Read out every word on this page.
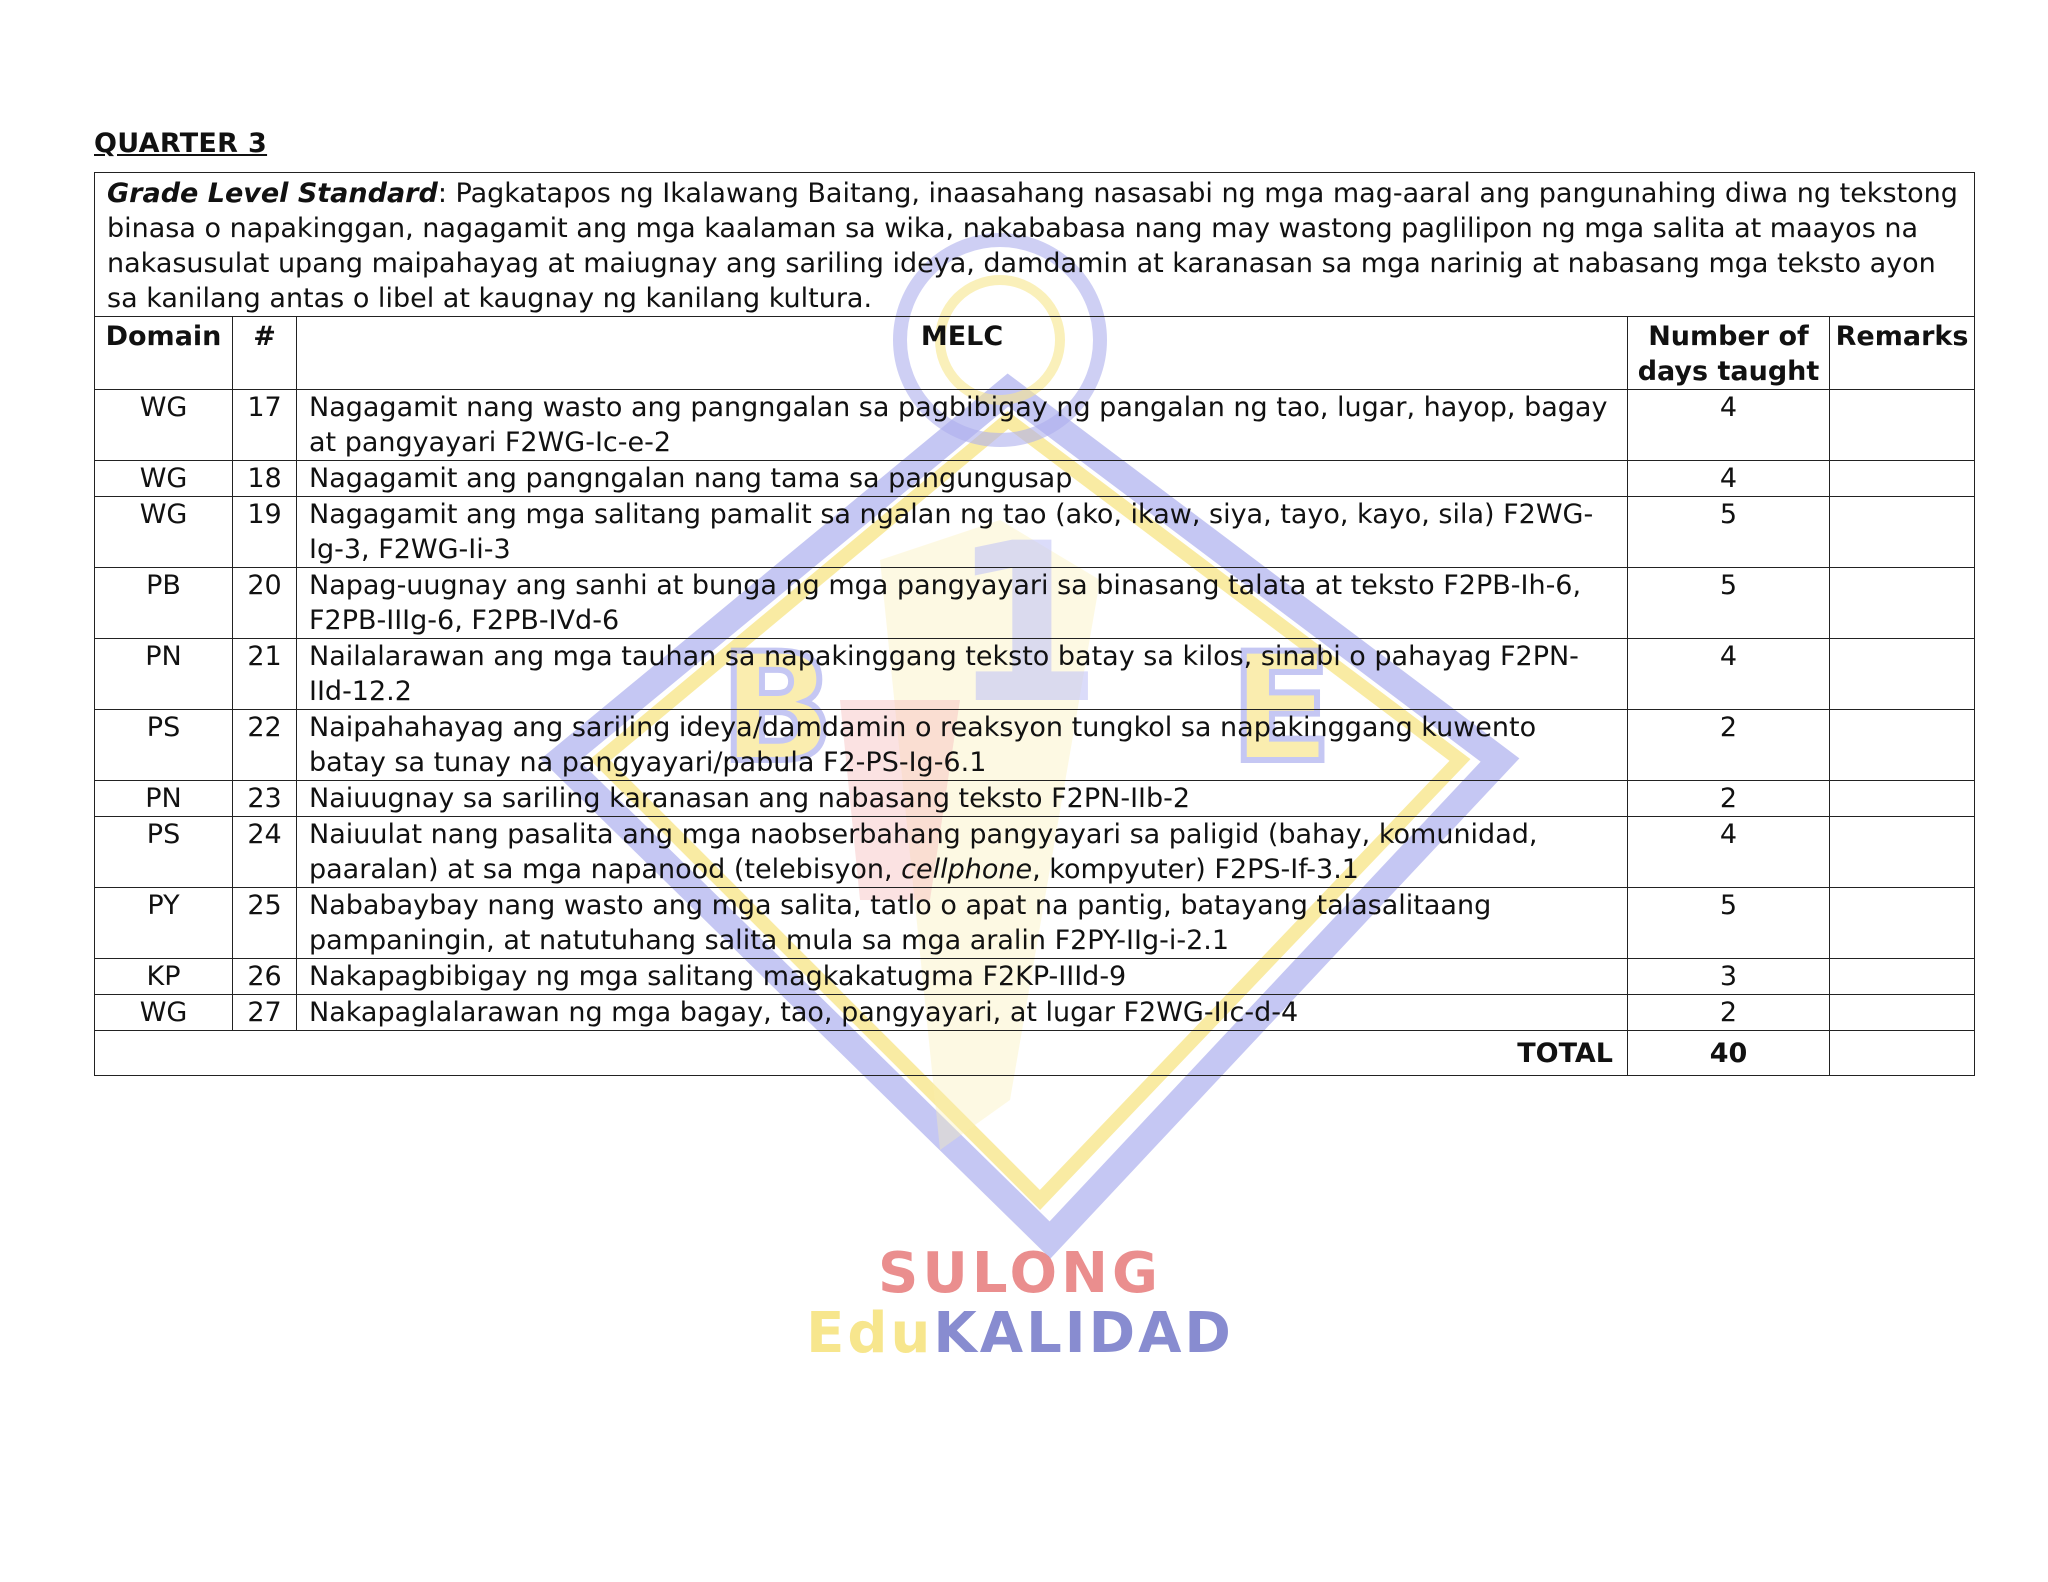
B	E
1
SULONG
EduKALIDAD
QUARTER 3
Grade Level Standard: Pagkatapos ng Ikalawang Baitang, inaasahang nasasabi ng mga mag-aaral ang pangunahing diwa ng tekstong binasa o napakinggan, nagagamit ang mga kaalaman sa wika, nakababasa nang may wastong paglilipon ng mga salita at maayos na nakasusulat upang maipahayag at maiugnay ang sariling ideya, damdamin at karanasan sa mga narinig at nabasang mga teksto ayon sa kanilang antas o libel at kaugnay ng kanilang kultura.				
Domain	#	MELC	Number of
days taught	Remarks
WG	17	Nagagamit nang wasto ang pangngalan sa pagbibigay ng pangalan ng tao, lugar, hayop, bagay at pangyayari F2WG-Ic-e-2	4	
WG	18	Nagagamit ang pangngalan nang tama sa pangungusap	4	
WG	19	Nagagamit ang mga salitang pamalit sa ngalan ng tao (ako, ikaw, siya, tayo, kayo, sila) F2WG-Ig-3, F2WG-Ii-3	5	
PB	20	Napag-uugnay ang sanhi at bunga ng mga pangyayari sa binasang talata at teksto F2PB-Ih-6, F2PB-IIIg-6, F2PB-IVd-6	5	
PN	21	Nailalarawan ang mga tauhan sa napakinggang teksto batay sa kilos, sinabi o pahayag F2PN-IId-12.2	4	
PS	22	Naipahahayag ang sariling ideya/damdamin o reaksyon tungkol sa napakinggang kuwento batay sa tunay na pangyayari/pabula F2-PS-Ig-6.1	2	
PN	23	Naiuugnay sa sariling karanasan ang nabasang teksto F2PN-IIb-2	2	
PS	24	Naiuulat nang pasalita ang mga naobserbahang pangyayari sa paligid (bahay, komunidad, paaralan) at sa mga napanood (telebisyon, cellphone, kompyuter) F2PS-If-3.1	4	
PY	25	Nababaybay nang wasto ang mga salita, tatlo o apat na pantig, batayang talasalitaang pampaningin, at natutuhang salita mula sa mga aralin F2PY-IIg-i-2.1	5	
KP	26	Nakapagbibigay ng mga salitang magkakatugma F2KP-IIId-9	3	
WG	27	Nakapaglalarawan ng mga bagay, tao, pangyayari, at lugar F2WG-IIc-d-4	2	
TOTAL			40	
